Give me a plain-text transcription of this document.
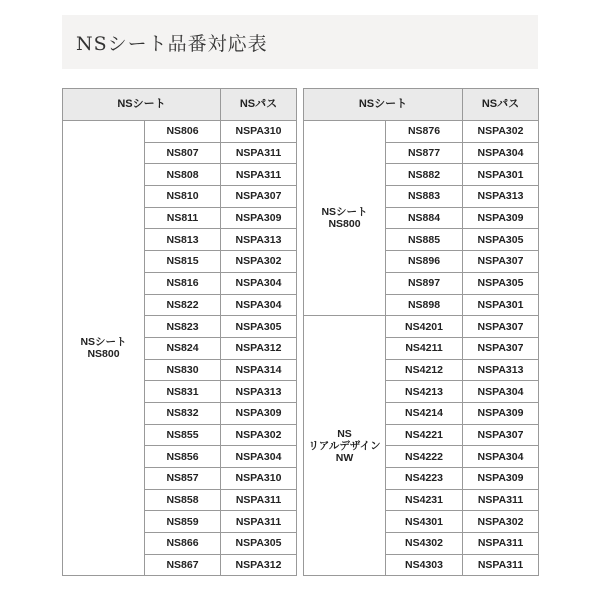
NSシート品番対応表
NSシート		NSパス

NSシート
NS800	NS806	NSPA310
	NS807	NSPA311
	NS808	NSPA311
	NS810	NSPA307
	NS811	NSPA309
	NS813	NSPA313
	NS815	NSPA302
	NS816	NSPA304
	NS822	NSPA304
	NS823	NSPA305
	NS824	NSPA312
	NS830	NSPA314
	NS831	NSPA313
	NS832	NSPA309
	NS855	NSPA302
	NS856	NSPA304
	NS857	NSPA310
	NS858	NSPA311
	NS859	NSPA311
	NS866	NSPA305
	NS867	NSPA312
NSシート		NSパス

NSシート
NS800	NS876	NSPA302
	NS877	NSPA304
	NS882	NSPA301
	NS883	NSPA313
	NS884	NSPA309
	NS885	NSPA305
	NS896	NSPA307
	NS897	NSPA305
	NS898	NSPA301

NS
リアルデザイン
NW	NS4201	NSPA307
	NS4211	NSPA307
	NS4212	NSPA313
	NS4213	NSPA304
	NS4214	NSPA309
	NS4221	NSPA307
	NS4222	NSPA304
	NS4223	NSPA309
	NS4231	NSPA311
	NS4301	NSPA302
	NS4302	NSPA311
	NS4303	NSPA311
